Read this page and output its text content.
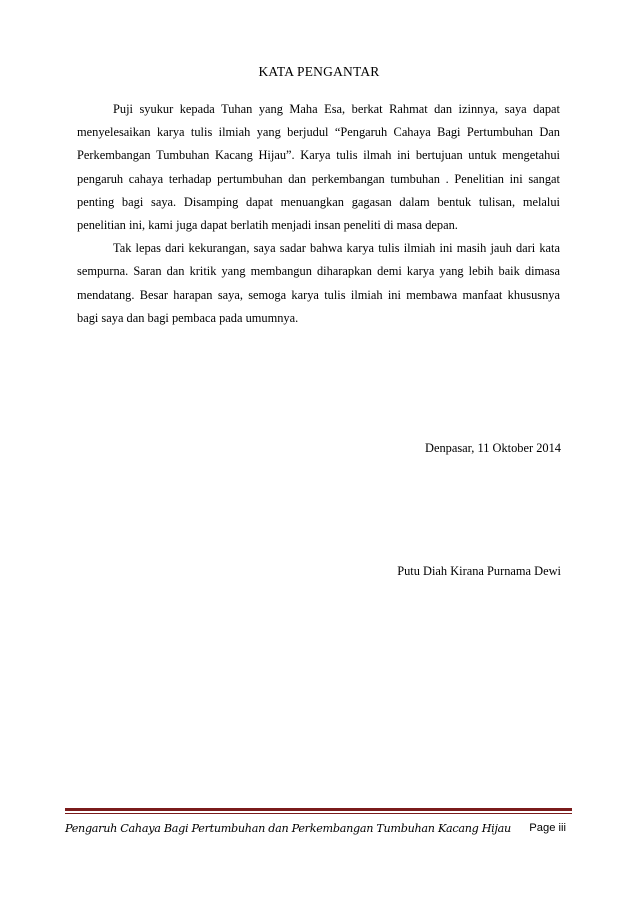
KATA PENGANTAR

Puji syukur kepada Tuhan yang Maha Esa, berkat Rahmat dan izinnya, saya dapat menyelesaikan karya tulis ilmiah yang berjudul “Pengaruh Cahaya Bagi Pertumbuhan Dan Perkembangan Tumbuhan Kacang Hijau”. Karya tulis ilmah ini bertujuan untuk mengetahui pengaruh cahaya terhadap pertumbuhan dan perkembangan tumbuhan . Penelitian ini sangat penting bagi saya. Disamping dapat menuangkan gagasan dalam bentuk tulisan, melalui penelitian ini, kami juga dapat berlatih menjadi insan peneliti di masa depan.

Tak lepas dari kekurangan, saya sadar bahwa karya tulis ilmiah ini masih jauh dari kata sempurna. Saran dan kritik yang membangun diharapkan demi karya yang lebih baik dimasa mendatang. Besar harapan saya, semoga karya tulis ilmiah ini membawa manfaat khususnya bagi saya dan bagi pembaca pada umumnya.

Denpasar, 11 Oktober 2014
Putu Diah Kirana Purnama Dewi
Pengaruh Cahaya Bagi Pertumbuhan dan Perkembangan Tumbuhan Kacang Hijau Page iii
